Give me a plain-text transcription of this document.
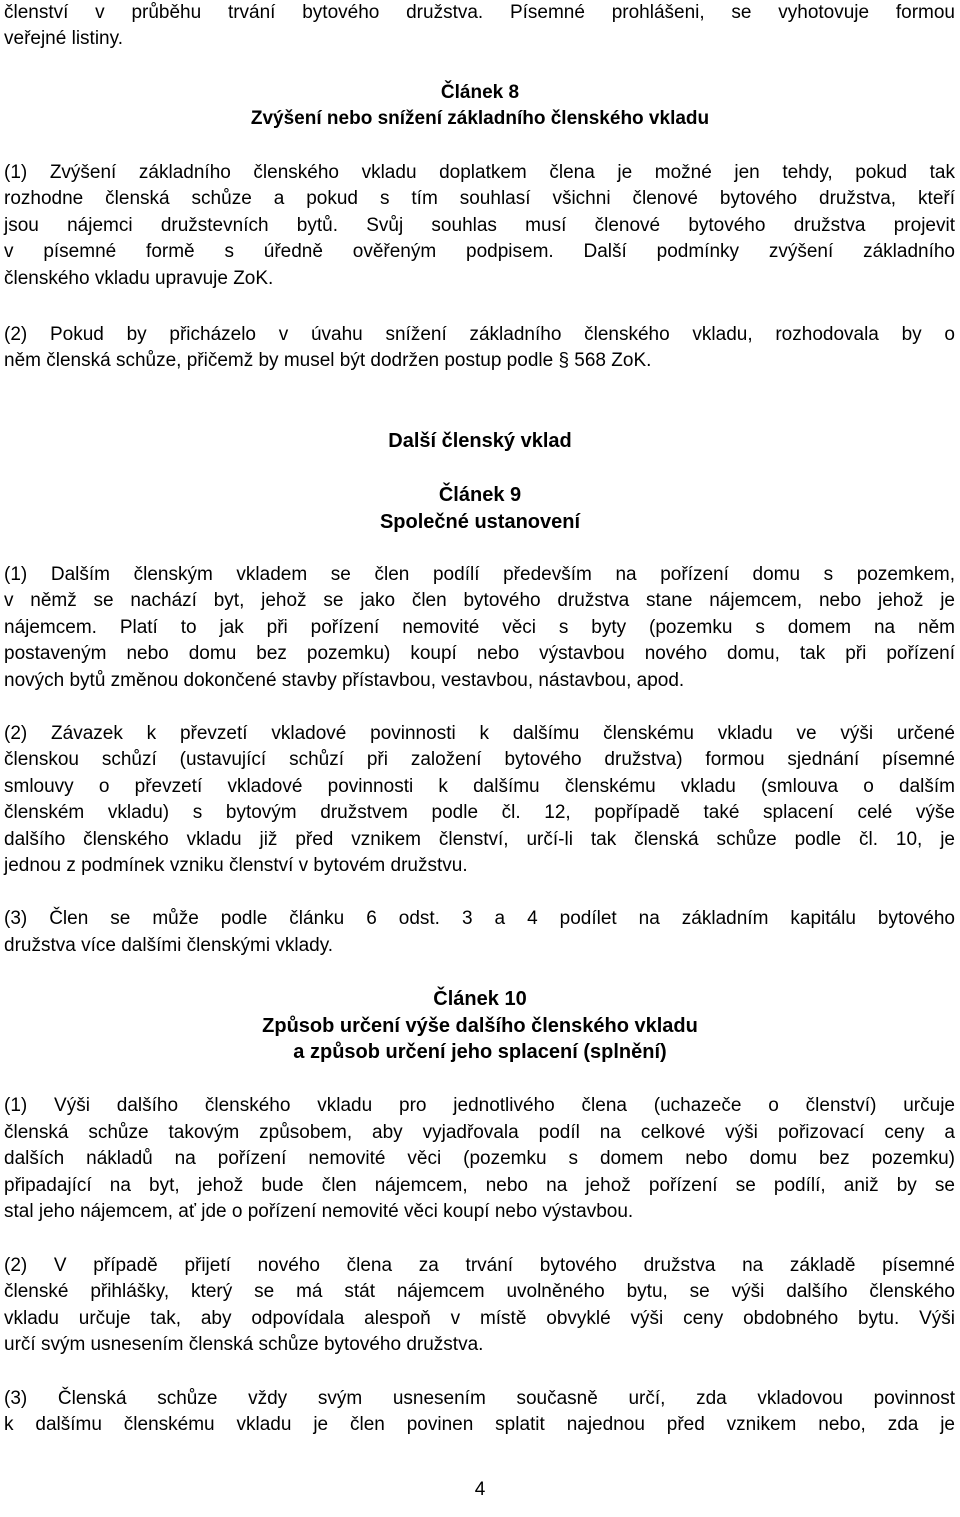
členství v průběhu trvání bytového družstva. Písemné prohlášeni, se vyhotovuje formou
veřejné listiny.
Článek 8
Zvýšení nebo snížení základního členského vkladu
(1) Zvýšení základního členského vkladu doplatkem člena je možné jen tehdy, pokud tak
rozhodne členská schůze a pokud s tím souhlasí všichni členové bytového družstva, kteří
jsou nájemci družstevních bytů. Svůj souhlas musí členové bytového družstva projevit
v písemné formě s úředně ověřeným podpisem. Další podmínky zvýšení základního
členského vkladu upravuje ZoK.
(2) Pokud by přicházelo v úvahu snížení základního členského vkladu, rozhodovala by o
něm členská schůze, přičemž by musel být dodržen postup podle § 568 ZoK.
Další členský vklad
Článek 9
Společné ustanovení
(1) Dalším členským vkladem se člen podílí především na pořízení domu s pozemkem,
v němž se nachází byt, jehož se jako člen bytového družstva stane nájemcem, nebo jehož je
nájemcem. Platí to jak při pořízení nemovité věci s byty (pozemku s domem na něm
postaveným nebo domu bez pozemku) koupí nebo výstavbou nového domu, tak při pořízení
nových bytů změnou dokončené stavby přístavbou, vestavbou, nástavbou, apod.
(2) Závazek k převzetí vkladové povinnosti k dalšímu členskému vkladu ve výši určené
členskou schůzí (ustavující schůzí při založení bytového družstva) formou sjednání písemné
smlouvy o převzetí vkladové povinnosti k dalšímu členskému vkladu (smlouva o dalším
členském vkladu) s bytovým družstvem podle čl. 12, popřípadě také splacení celé výše
dalšího členského vkladu již před vznikem členství, určí-li tak členská schůze podle čl. 10, je
jednou z podmínek vzniku členství v bytovém družstvu.
(3) Člen se může podle článku 6 odst. 3 a 4 podílet na základním kapitálu bytového
družstva více dalšími členskými vklady.
Článek 10
Způsob určení výše dalšího členského vkladu
a způsob určení jeho splacení (splnění)
(1) Výši dalšího členského vkladu pro jednotlivého člena (uchazeče o členství) určuje
členská schůze takovým způsobem, aby vyjadřovala podíl na celkové výši pořizovací ceny a
dalších nákladů na pořízení nemovité věci (pozemku s domem nebo domu bez pozemku)
připadající na byt, jehož bude člen nájemcem, nebo na jehož pořízení se podílí, aniž by se
stal jeho nájemcem, ať jde o pořízení nemovité věci koupí nebo výstavbou.
(2) V případě přijetí nového člena za trvání bytového družstva na základě písemné
členské přihlášky, který se má stát nájemcem uvolněného bytu, se výši dalšího členského
vkladu určuje tak, aby odpovídala alespoň v místě obvyklé výši ceny obdobného bytu. Výši
určí svým usnesením členská schůze bytového družstva.
(3) Členská schůze vždy svým usnesením současně určí, zda vkladovou povinnost
k dalšímu členskému vkladu je člen povinen splatit najednou před vznikem nebo, zda je
4
